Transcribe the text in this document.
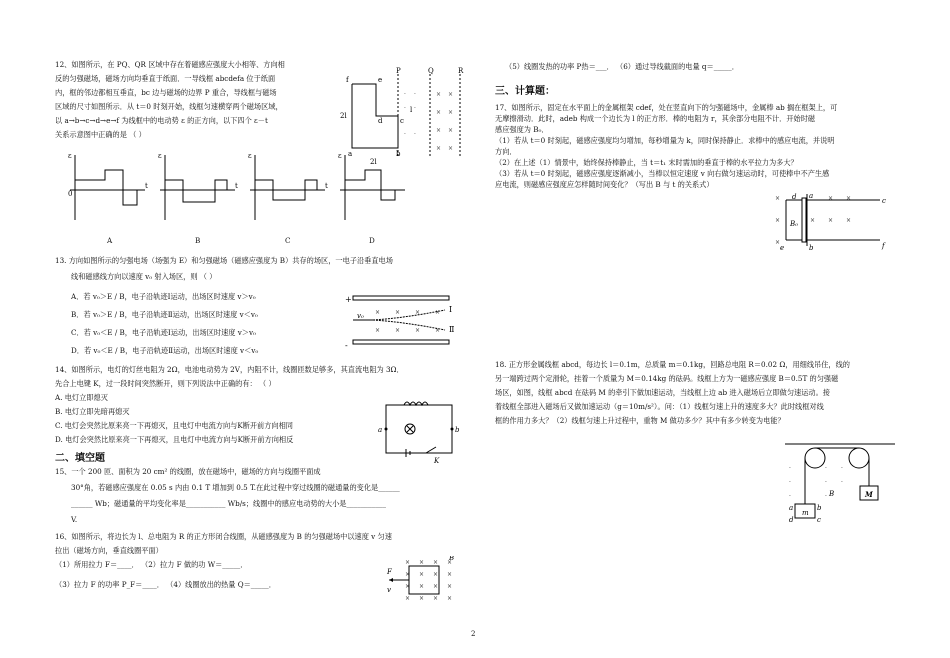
12、如图所示，在 PQ、QR 区域中存在着磁感应强度大小相等、方向相
反的匀强磁场，磁场方向均垂直于纸面．一导线框 abcdefa 位于纸面
内，框的邻边都相互垂直，bc 边与磁场的边界 P 重合，导线框与磁场
区域的尺寸如图所示．从 t＝0 时刻开始，线框匀速横穿两个磁场区域，
以 a→b→c→d→e→f 为线框中的电动势 ε 的正方向，以下四个 ε－t
关系示意图中正确的是 （ ）
P	Q	R
f	e
d	c
a	b
2l
2l
l
· ·
· ·
· ·
× ×
× ×
× ×
× ×
ε
t
0
ε
t
ε
t
ε
A	B	C	D
13. 方向如图所示的匀强电场（场强为 E）和匀强磁场（磁感应强度为 B）共存的场区，一电子沿垂直电场
线和磁感线方向以速度 v₀ 射入场区，则 （ ）
A．若 v₀＞E / B，电子沿轨迹Ⅰ运动，出场区时速度 v＞v₀
B．若 v₀＞E / B，电子沿轨迹Ⅱ运动，出场区时速度 v＜v₀
C．若 v₀＜E / B，电子沿轨迹Ⅰ运动，出场区时速度 v＞v₀
D．若 v₀＜E / B，电子沿轨迹Ⅱ运动，出场区时速度 v＜v₀
+
-
× × × ×
× × × ×
v₀
Ⅰ
Ⅱ
14、如图所示，电灯的灯丝电阻为 2Ω，电池电动势为 2V，内阻不计，线圈匝数足够多，其直流电阻为 3Ω．
先合上电键 K，过一段时间突然断开，则下列说法中正确的有： （ ）
A. 电灯立即熄灭
B. 电灯立即先暗再熄灭
C. 电灯会突然比原来亮一下再熄灭，且电灯中电流方向与K断开前方向相同
D. 电灯会突然比原来亮一下再熄灭，且电灯中电流方向与K断开前方向相反
a	b
K
二、填空题
15、一个 200 匝、面积为 20 cm² 的线圈，放在磁场中，磁场的方向与线圈平面成
30°角，若磁感应强度在 0.05 s 内由 0.1 T 增加到 0.5 T.在此过程中穿过线圈的磁通量的变化是______
______ Wb；磁通量的平均变化率是___________ Wb/s；线圈中的感应电动势的大小是___________
V.
16、如图所示，将边长为 l、总电阻为 R 的正方形闭合线圈，从磁感强度为 B 的匀强磁场中以速度 v 匀速
拉出（磁场方向，垂直线圈平面）
（1）所用拉力 F＝____． （2）拉力 F 做的功 W＝_____．
（3）拉力 F 的功率 P_F＝____． （4）线圈放出的热量 Q＝_____．
× × × ×
× × × ×
× × × ×
× × × ×
F
v
B
（5）线圈发热的功率 P热＝___． （6）通过导线截面的电量 q＝_____．
三、计算题：
17、如图所示，固定在水平面上的金属框架 cdef，处在竖直向下的匀强磁场中，金属棒 ab 搁在框架上，可
无摩擦滑动．此时，adeb 构成一个边长为 l 的正方形．棒的电阻为 r，其余部分电阻不计．开始时磁
感应强度为 B₀．
（1）若从 t＝0 时刻起，磁感应强度均匀增加，每秒增量为 k，同时保持静止．求棒中的感应电流，并说明
方向．
（2）在上述（1）情景中，始终保持棒静止，当 t＝t₁ 末时需加的垂直于棒的水平拉力为多大？
（3）若从 t＝0 时刻起，磁感应强度逐渐减小，当棒以恒定速度 v 向右做匀速运动时，可使棒中不产生感
应电流，则磁感应强度应怎样随时间变化？（写出 B 与 t 的关系式）
×
×
×
× × ×
× ×
d a
c
e	b	f
B₀
18. 正方形金属线框 abcd，每边长 l＝0.1m，总质量 m＝0.1kg，回路总电阻 R＝0.02 Ω，用细线吊住，线的
另一端跨过两个定滑轮，挂着一个质量为 M＝0.14kg 的砝码。线框上方为一磁感应强度 B＝0.5T 的匀强磁
场区，如图，线框 abcd 在砝码 M 的牵引下做加速运动，当线框上边 ab 进入磁场后立即做匀速运动。接
着线框全部进入磁场后又做加速运动（g＝10m/s²）。问：（1）线框匀速上升的速度多大？此时线框对线
框的作用力多大？（2）线框匀速上升过程中，重物 M 做功多少？其中有多少转变为电能？
·	· ·
·	· ·
·	· B	M
a	b
d	c
m
2
